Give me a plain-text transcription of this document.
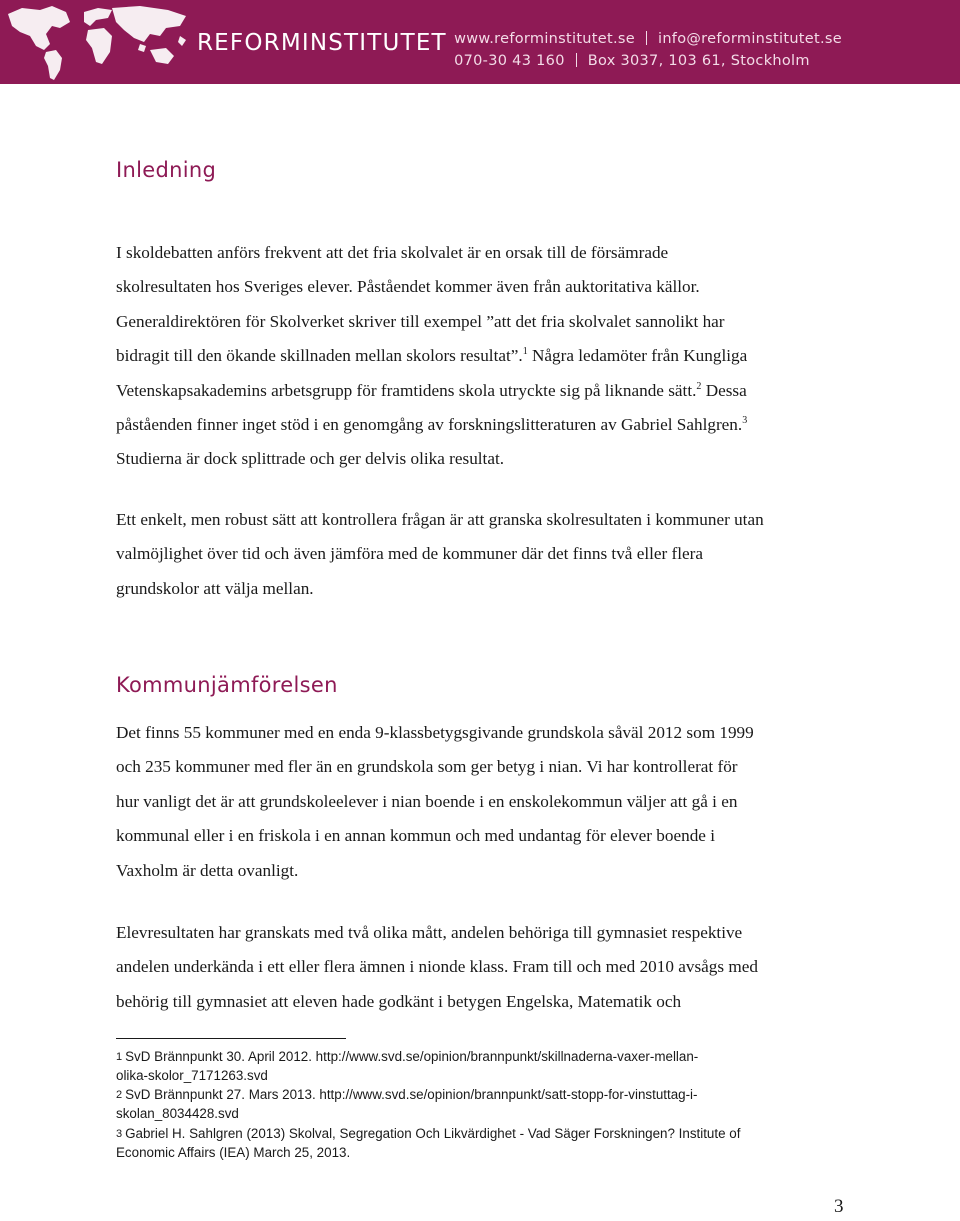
REFORMINSTITUTET www.reforminstitutet.se info@reforminstitutet.se
070-30 43 160 Box 3037, 103 61, Stockholm
Inledning
I skoldebatten anförs frekvent att det fria skolvalet är en orsak till de försämrade
skolresultaten hos Sveriges elever. Påståendet kommer även från auktoritativa källor.
Generaldirektören för Skolverket skriver till exempel ”att det fria skolvalet sannolikt har
bidragit till den ökande skillnaden mellan skolors resultat”.$^1$ Några ledamöter från Kungliga
Vetenskapsakademins arbetsgrupp för framtidens skola utryckte sig på liknande sätt.$^2$ Dessa
påståenden finner inget stöd i en genomgång av forskningslitteraturen av Gabriel Sahlgren.$^3$
Studierna är dock splittrade och ger delvis olika resultat.
Ett enkelt, men robust sätt att kontrollera frågan är att granska skolresultaten i kommuner utan
valmöjlighet över tid och även jämföra med de kommuner där det finns två eller flera
grundskolor att välja mellan.
Kommunjämförelsen
Det finns 55 kommuner med en enda 9-klassbetygsgivande grundskola såväl 2012 som 1999
och 235 kommuner med fler än en grundskola som ger betyg i nian. Vi har kontrollerat för
hur vanligt det är att grundskoleelever i nian boende i en enskolekommun väljer att gå i en
kommunal eller i en friskola i en annan kommun och med undantag för elever boende i
Vaxholm är detta ovanligt.
Elevresultaten har granskats med två olika mått, andelen behöriga till gymnasiet respektive
andelen underkända i ett eller flera ämnen i nionde klass. Fram till och med 2010 avsågs med
behörig till gymnasiet att eleven hade godkänt i betygen Engelska, Matematik och
1 SvD Brännpunkt 30. April 2012. http://www.svd.se/opinion/brannpunkt/skillnaderna-vaxer-mellan-
olika-skolor_7171263.svd
2 SvD Brännpunkt 27. Mars 2013. http://www.svd.se/opinion/brannpunkt/satt-stopp-for-vinstuttag-i-
skolan_8034428.svd
3 Gabriel H. Sahlgren (2013) Skolval, Segregation Och Likvärdighet - Vad Säger Forskningen? Institute of
Economic Affairs (IEA) March 25, 2013.
3
